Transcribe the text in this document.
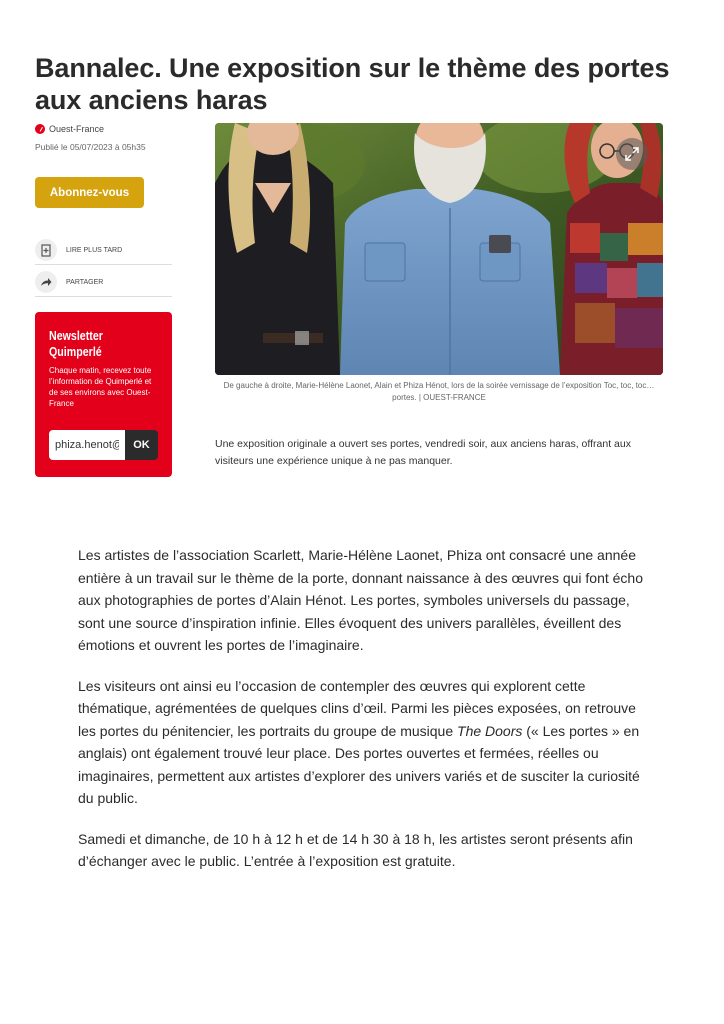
Bannalec. Une exposition sur le thème des portes aux anciens haras
Ouest-France
Publié le 05/07/2023 à 05h35
Abonnez-vous
LIRE PLUS TARD
PARTAGER
Newsletter Quimperlé
Chaque matin, recevez toute l’information de Quimperlé et de ses environs avec Ouest-France
phiza.henot@
OK
De gauche à droite, Marie-Hélène Laonet, Alain et Phiza Hénot, lors de la soirée vernissage de l’exposition Toc, toc, toc… portes. | OUEST-FRANCE

Une exposition originale a ouvert ses portes, vendredi soir, aux anciens haras, offrant aux visiteurs une expérience unique à ne pas manquer.

Les artistes de l’association Scarlett, Marie-Hélène Laonet, Phiza ont consacré une année entière à un travail sur le thème de la porte, donnant naissance à des œuvres qui font écho aux photographies de portes d’Alain Hénot. Les portes, symboles universels du passage, sont une source d’inspiration infinie. Elles évoquent des univers parallèles, éveillent des émotions et ouvrent les portes de l’imaginaire.

Les visiteurs ont ainsi eu l’occasion de contempler des œuvres qui explorent cette thématique, agrémentées de quelques clins d’œil. Parmi les pièces exposées, on retrouve les portes du pénitencier, les portraits du groupe de musique The Doors (« Les portes » en anglais) ont également trouvé leur place. Des portes ouvertes et fermées, réelles ou imaginaires, permettent aux artistes d’explorer des univers variés et de susciter la curiosité du public.

Samedi et dimanche, de 10 h à 12 h et de 14 h 30 à 18 h, les artistes seront présents afin d’échanger avec le public. L’entrée à l’exposition est gratuite.
